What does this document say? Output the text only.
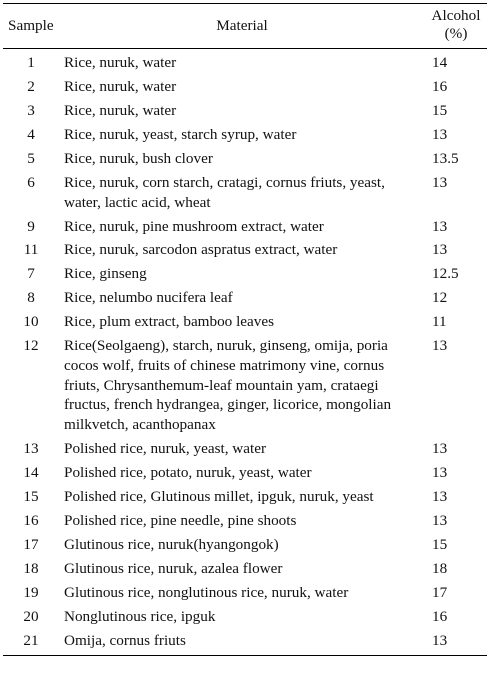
Sample	Material	Alcohol
(%)
1	Rice, nuruk, water	14
2	Rice, nuruk, water	16
3	Rice, nuruk, water	15
4	Rice, nuruk, yeast, starch syrup, water	13
5	Rice, nuruk, bush clover	13.5
6	Rice, nuruk, corn starch, cratagi, cornus friuts, yeast, water, lactic acid, wheat	13
9	Rice, nuruk, pine mushroom extract, water	13
11	Rice, nuruk, sarcodon aspratus extract, water	13
7	Rice, ginseng	12.5
8	Rice, nelumbo nucifera leaf	12
10	Rice, plum extract, bamboo leaves	11
12	Rice(Seolgaeng), starch, nuruk, ginseng, omija, poria cocos wolf, fruits of chinese matrimony vine, cornus friuts, Chrysanthemum-leaf mountain yam, crataegi fructus, french hydrangea, ginger, licorice, mongolian milkvetch, acanthopanax	13
13	Polished rice, nuruk, yeast, water	13
14	Polished rice, potato, nuruk, yeast, water	13
15	Polished rice, Glutinous millet, ipguk, nuruk, yeast	13
16	Polished rice, pine needle, pine shoots	13
17	Glutinous rice, nuruk(hyangongok)	15
18	Glutinous rice, nuruk, azalea flower	18
19	Glutinous rice, nonglutinous rice, nuruk, water	17
20	Nonglutinous rice, ipguk	16
21	Omija, cornus friuts	13
